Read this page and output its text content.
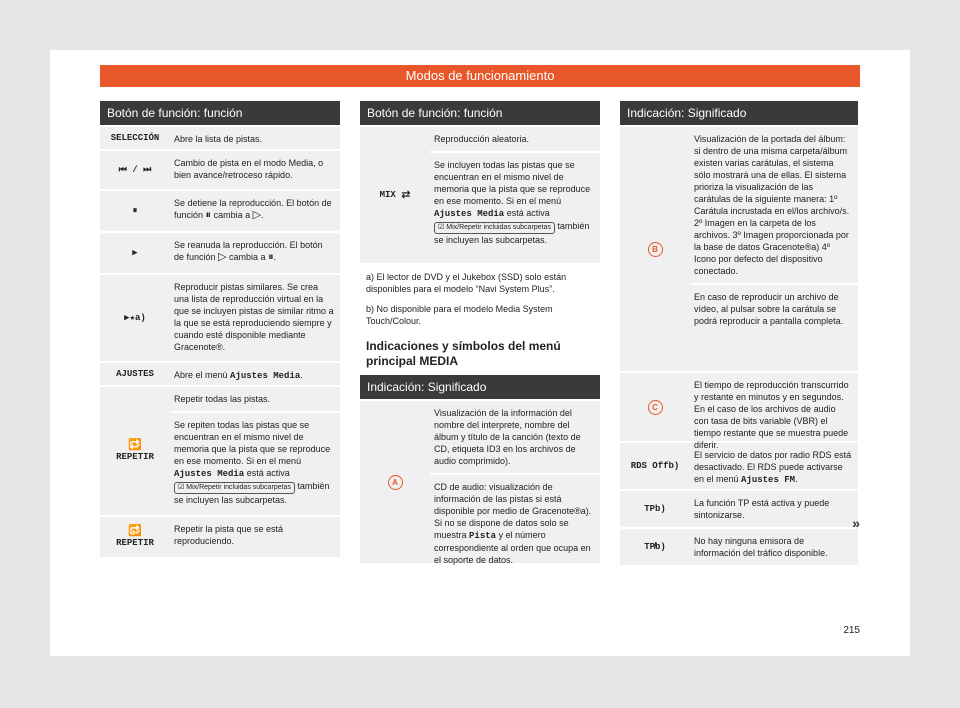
Modos de funcionamiento
Botón de función: función
SELECCIÓN	Abre la lista de pistas.
⏮ / ⏭
Cambio de pista en el modo Media, o bien avance/retroceso rápido.
⏸
Se detiene la reproducción. El botón de función ⏸ cambia a ▷.
▶
Se reanuda la reproducción. El botón de función ▷ cambia a ⏸.
▶★a)
Reproducir pistas similares. Se crea una lista de reproducción virtual en la que se incluyen pistas de similar ritmo a la que se está reproduciendo siempre y cuando esté disponible mediante Gracenote®.
AJUSTES	Abre el menú Ajustes Media.
🔁
REPETIR
Repetir todas las pistas.
Se repiten todas las pistas que se encuentran en el mismo nivel de memoria que la pista que se reproduce en ese momento. Si en el menú Ajustes Media está activa ☑ Mix/Repetir incluidas subcarpetas también se incluyen las subcarpetas.
🔂
REPETIR
Repetir la pista que se está reproduciendo.
Botón de función: función
MIX
⇄
Reproducción aleatoria.
Se incluyen todas las pistas que se encuentran en el mismo nivel de memoria que la pista que se reproduce en ese momento. Si en el menú Ajustes Media está activa ☑ Mix/Repetir incluidas subcarpetas también se incluyen las subcarpetas.
a) El lector de DVD y el Jukebox (SSD) solo están disponibles para el modelo “Navi System Plus”.
b) No disponible para el modelo Media System Touch/Colour.
Indicaciones y símbolos del menú principal MEDIA
Indicación: Significado
A
Visualización de la información del nombre del interprete, nombre del álbum y título de la canción (texto de CD, etiqueta ID3 en los archivos de audio comprimido).
CD de audio: visualización de información de las pistas si está disponible por medio de Gracenote®a). Si no se dispone de datos solo se muestra Pista y el número correspondiente al orden que ocupa en el soporte de datos.
Indicación: Significado
B
Visualización de la portada del álbum: si dentro de una misma carpeta/álbum existen varias carátulas, el sistema sólo mostrará una de ellas. El sistema prioriza la visualización de las carátulas de la siguiente manera: 1º Carátula incrustada en el/los archivo/s. 2º Imagen en la carpeta de los archivos. 3º Imagen proporcionada por la base de datos Gracenote®a) 4º Icono por defecto del dispositivo conectado.
En caso de reproducir un archivo de vídeo, al pulsar sobre la carátula se podrá reproducir a pantalla completa.
C
El tiempo de reproducción transcurrido y restante en minutos y en segundos. En el caso de los archivos de audio con tasa de bits variable (VBR) el tiempo restante que se muestra puede diferir.
RDS Offb)
El servicio de datos por radio RDS está desactivado. El RDS puede activarse en el menú Ajustes FM.
TPb)
La función TP está activa y puede sintonizarse.
TP̸b)
No hay ninguna emisora de información del tráfico disponible.
»
215
